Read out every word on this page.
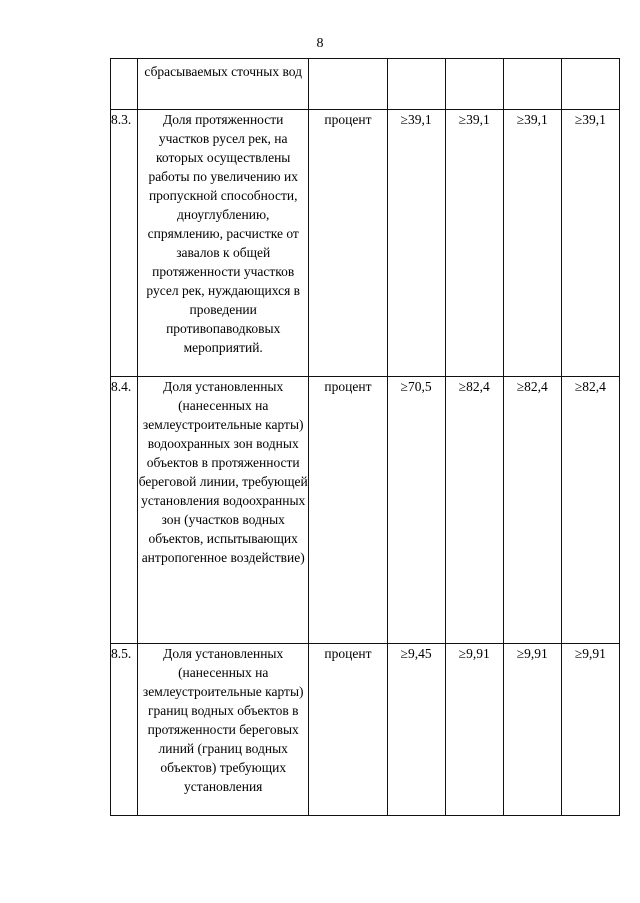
8
	сбрасываемых сточных вод					
8.3.	Доля протяженности участков русел рек, на которых осуществлены работы по увеличению их пропускной способности, дноуглублению, спрямлению, расчистке от завалов к общей протяженности участков русел рек, нуждающихся в проведении противопаводковых мероприятий.	процент	≥39,1	≥39,1	≥39,1	≥39,1
8.4.	Доля установленных (нанесенных на землеустроительные карты) водоохранных зон водных объектов в протяженности береговой линии, требующей установления водоохранных зон (участков водных объектов, испытывающих антропогенное воздействие)	процент	≥70,5	≥82,4	≥82,4	≥82,4
8.5.	Доля установленных (нанесенных на землеустроительные карты) границ водных объектов в протяженности береговых линий (границ водных объектов) требующих установления	процент	≥9,45	≥9,91	≥9,91	≥9,91
